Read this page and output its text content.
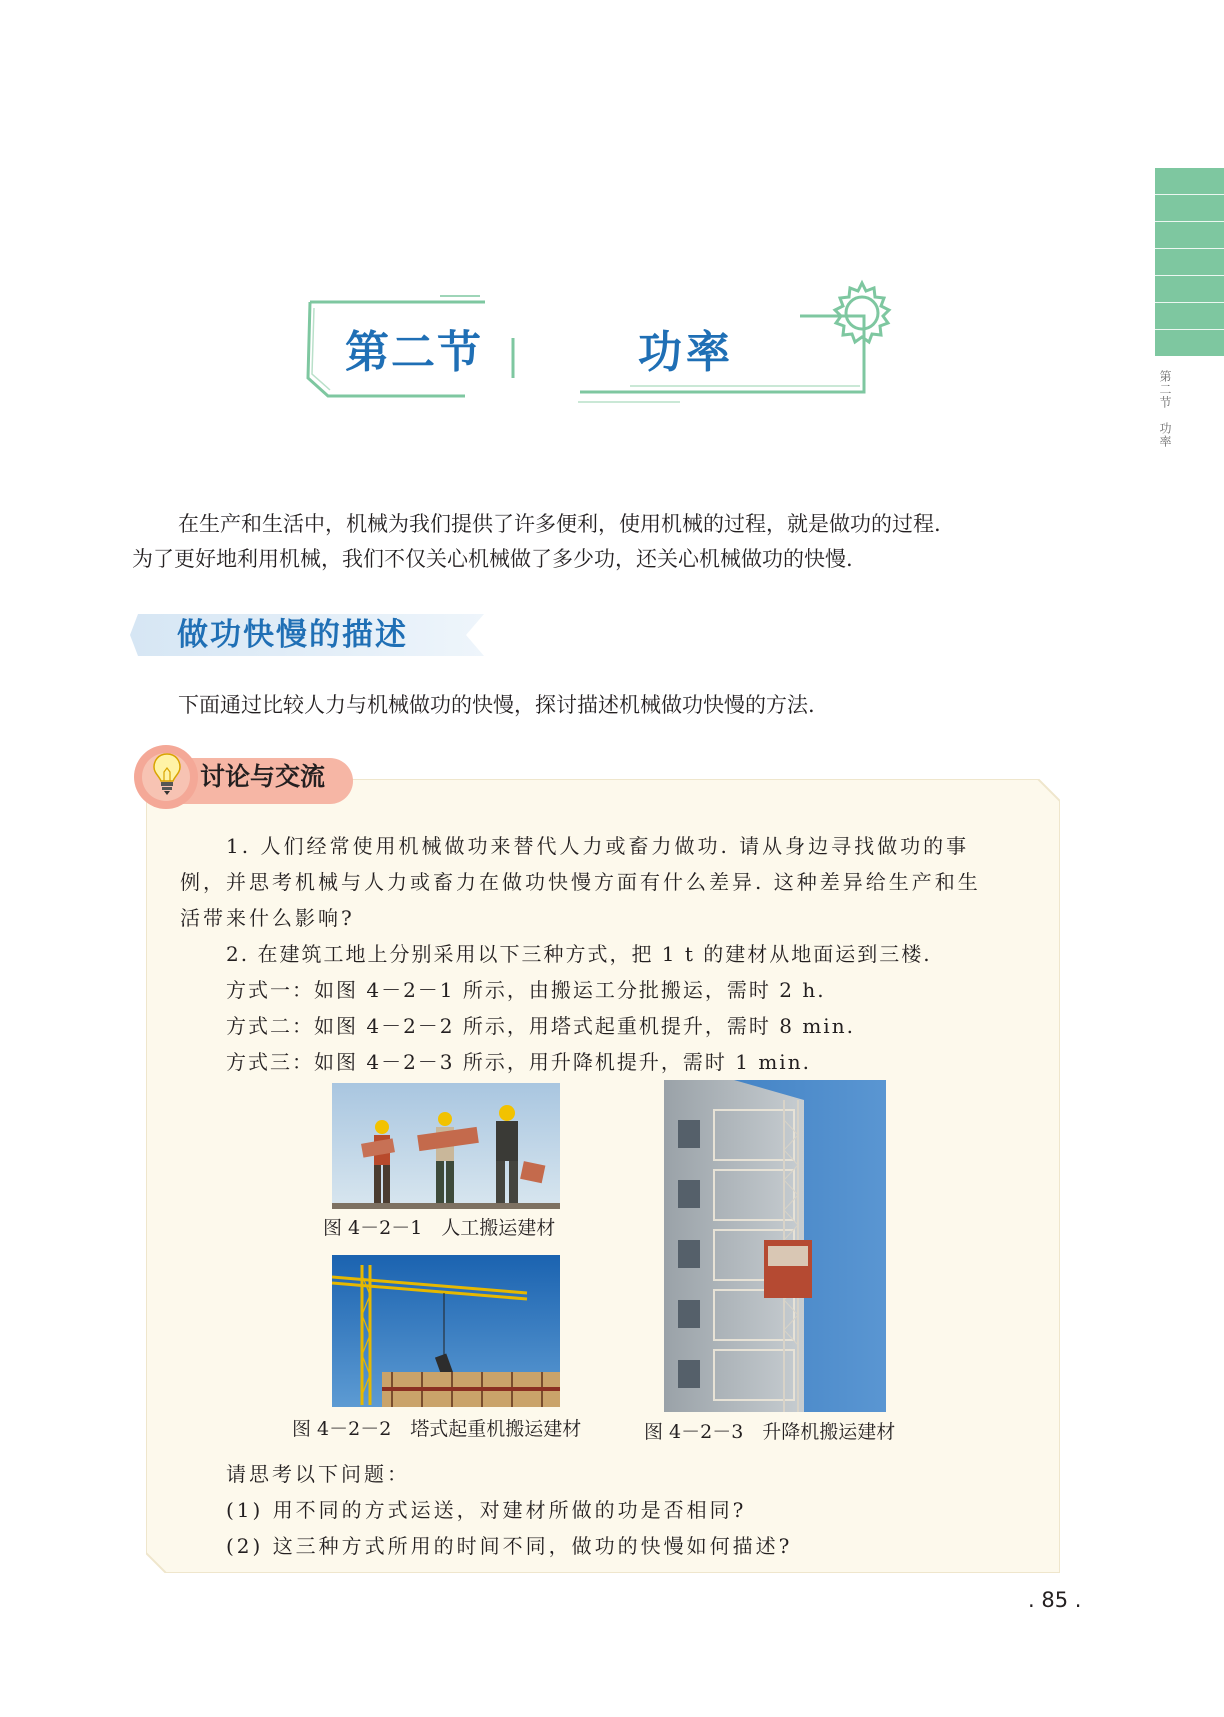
第二节　功率
第二节	功率
在生产和生活中，机械为我们提供了许多便利，使用机械的过程，就是做功的过程.
为了更好地利用机械，我们不仅关心机械做了多少功，还关心机械做功的快慢.
做功快慢的描述
下面通过比较人力与机械做功的快慢，探讨描述机械做功快慢的方法.
讨论与交流
1. 人们经常使用机械做功来替代人力或畜力做功. 请从身边寻找做功的事
例，并思考机械与人力或畜力在做功快慢方面有什么差异. 这种差异给生产和生
活带来什么影响?
2. 在建筑工地上分别采用以下三种方式，把 1 t 的建材从地面运到三楼.
方式一：如图 4－2－1 所示，由搬运工分批搬运，需时 2 h.
方式二：如图 4－2－2 所示，用塔式起重机提升，需时 8 min.
方式三：如图 4－2－3 所示，用升降机提升，需时 1 min.
图 4－2－1　人工搬运建材
图 4－2－2　塔式起重机搬运建材	图 4－2－3　升降机搬运建材
请思考以下问题：
(1) 用不同的方式运送，对建材所做的功是否相同?
(2) 这三种方式所用的时间不同，做功的快慢如何描述?
. 85 .
